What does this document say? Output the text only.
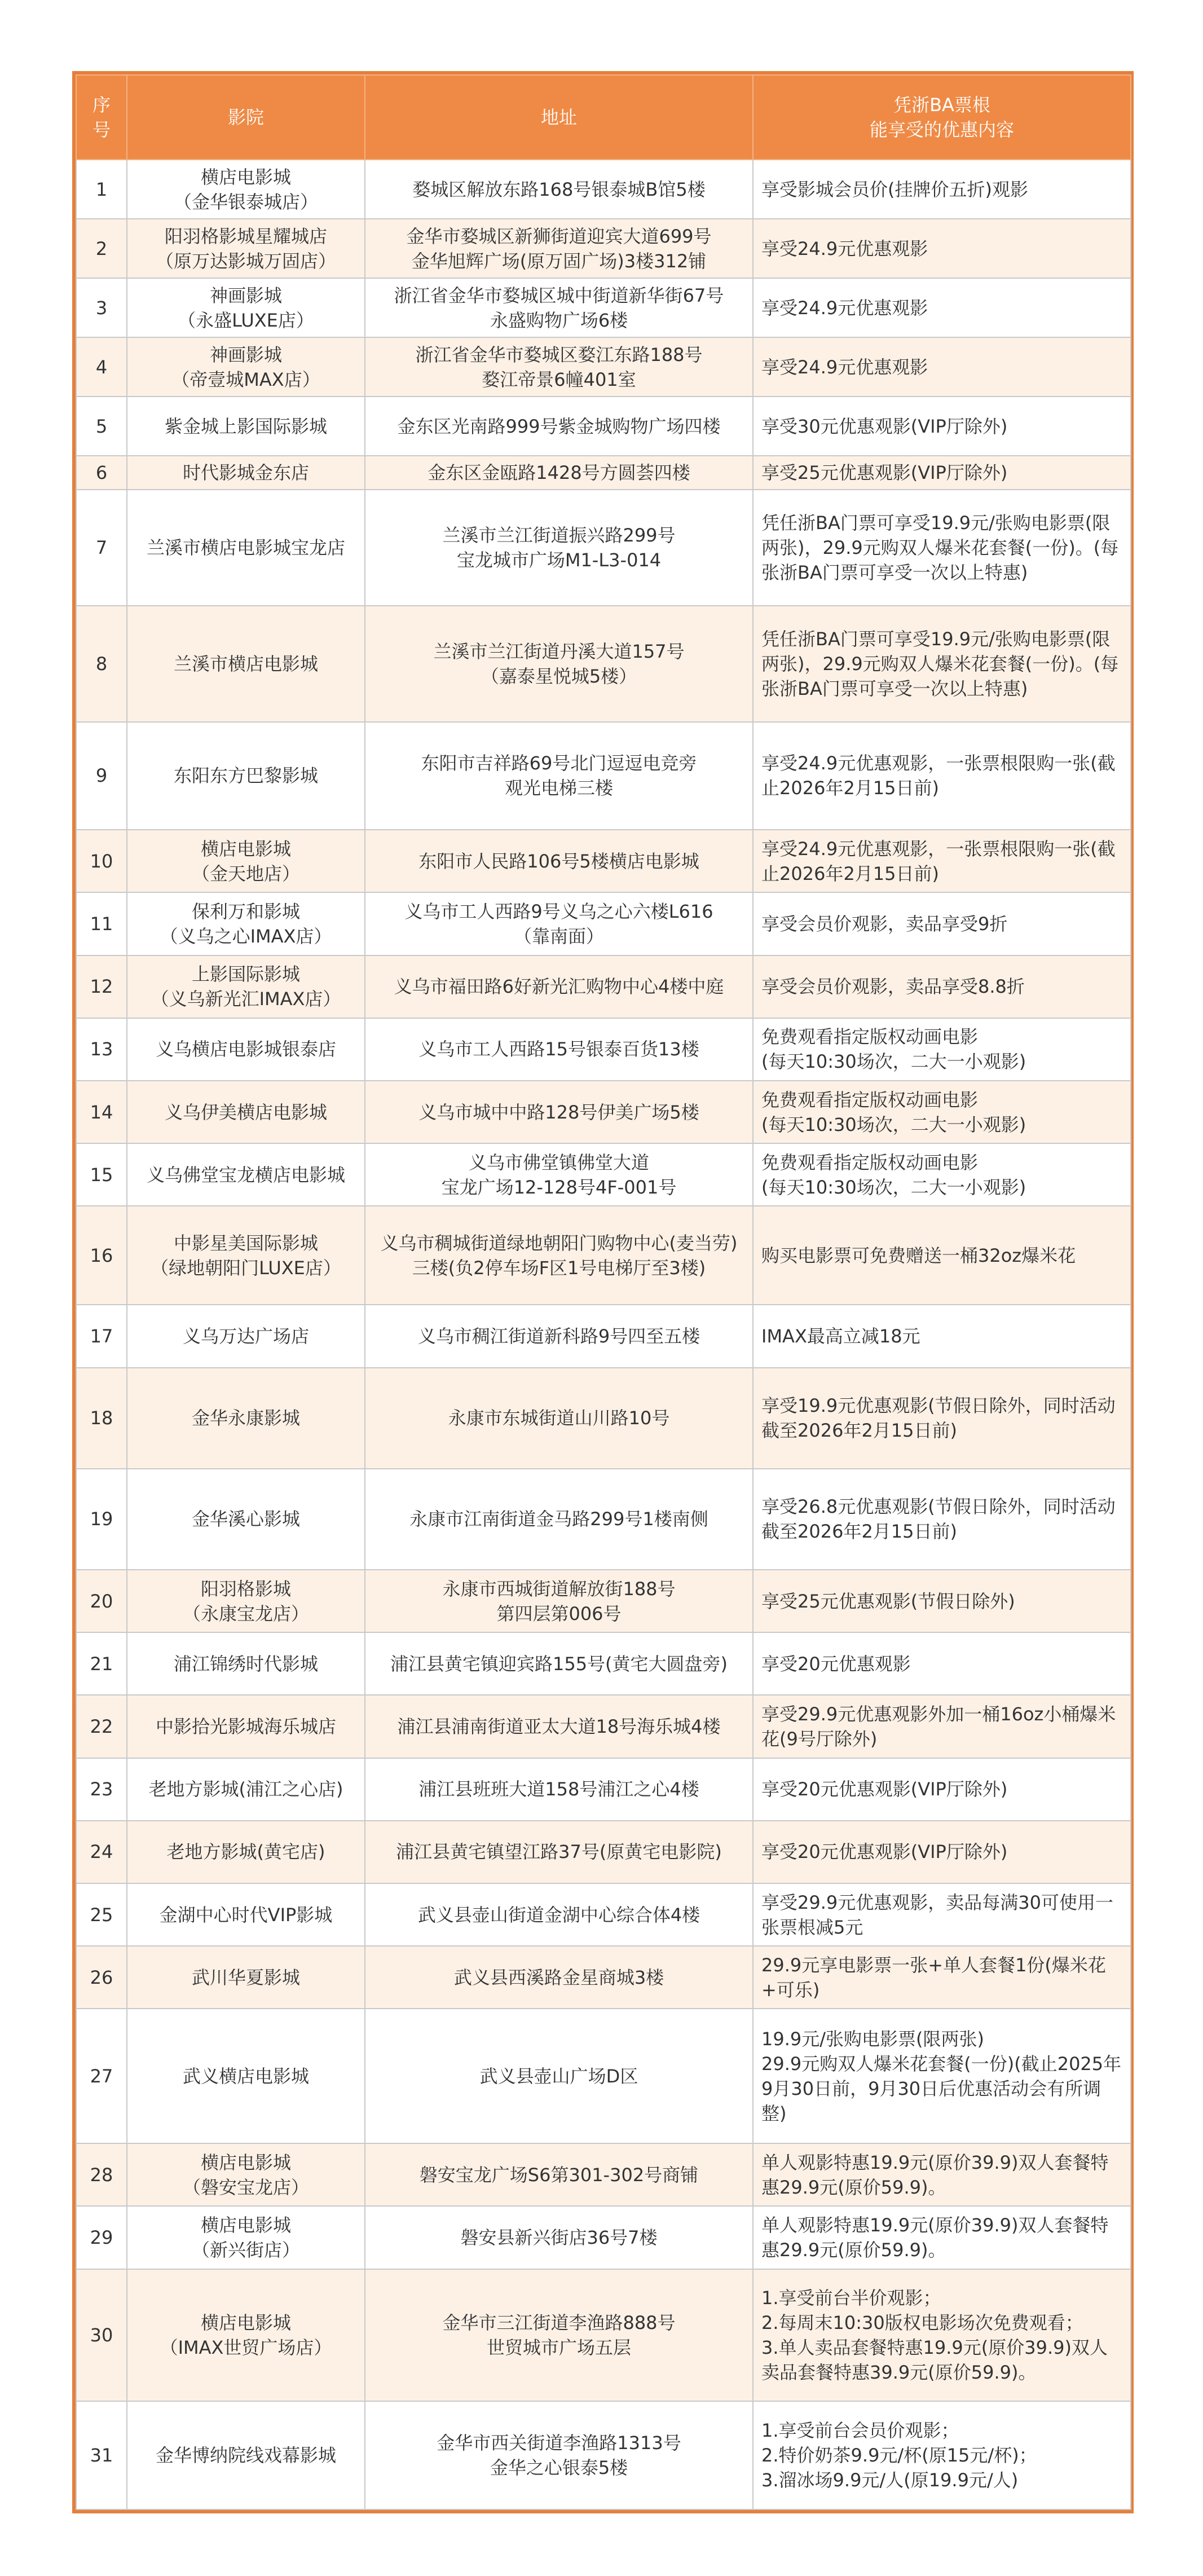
序
号	影院	地址	凭浙BA票根
能享受的优惠内容

1	横店电影城
（金华银泰城店）	婺城区解放东路168号银泰城B馆5楼	享受影城会员价(挂牌价五折)观影

2	阳羽格影城星耀城店
（原万达影城万固店）	金华市婺城区新狮街道迎宾大道699号
金华旭辉广场(原万固广场)3楼312铺	享受24.9元优惠观影

3	神画影城
（永盛LUXE店）	浙江省金华市婺城区城中街道新华街67号
永盛购物广场6楼	享受24.9元优惠观影

4	神画影城
（帝壹城MAX店）	浙江省金华市婺城区婺江东路188号
婺江帝景6幢401室	享受24.9元优惠观影

5	紫金城上影国际影城	金东区光南路999号紫金城购物广场四楼	享受30元优惠观影(VIP厅除外)

6	时代影城金东店	金东区金瓯路1428号方圆荟四楼	享受25元优惠观影(VIP厅除外)

7	兰溪市横店电影城宝龙店	兰溪市兰江街道振兴路299号
宝龙城市广场M1-L3-014	凭任浙BA门票可享受19.9元/张购电影票(限两张)，29.9元购双人爆米花套餐(一份)。(每张浙BA门票可享受一次以上特惠)

8	兰溪市横店电影城	兰溪市兰江街道丹溪大道157号
（嘉泰星悦城5楼）	凭任浙BA门票可享受19.9元/张购电影票(限两张)，29.9元购双人爆米花套餐(一份)。(每张浙BA门票可享受一次以上特惠)

9	东阳东方巴黎影城	东阳市吉祥路69号北门逗逗电竞旁
观光电梯三楼	享受24.9元优惠观影，一张票根限购一张(截止2026年2月15日前)

10	横店电影城
（金天地店）	东阳市人民路106号5楼横店电影城	享受24.9元优惠观影，一张票根限购一张(截止2026年2月15日前)

11	保利万和影城
（义乌之心IMAX店）	义乌市工人西路9号义乌之心六楼L616
（靠南面）	享受会员价观影，卖品享受9折

12	上影国际影城
（义乌新光汇IMAX店）	义乌市福田路6好新光汇购物中心4楼中庭	享受会员价观影，卖品享受8.8折

13	义乌横店电影城银泰店	义乌市工人西路15号银泰百货13楼	免费观看指定版权动画电影
(每天10:30场次，二大一小观影)

14	义乌伊美横店电影城	义乌市城中中路128号伊美广场5楼	免费观看指定版权动画电影
(每天10:30场次，二大一小观影)

15	义乌佛堂宝龙横店电影城	义乌市佛堂镇佛堂大道
宝龙广场12-128号4F-001号	免费观看指定版权动画电影
(每天10:30场次，二大一小观影)

16	中影星美国际影城
（绿地朝阳门LUXE店）	义乌市稠城街道绿地朝阳门购物中心(麦当劳)三楼(负2停车场F区1号电梯厅至3楼)	购买电影票可免费赠送一桶32oz爆米花

17	义乌万达广场店	义乌市稠江街道新科路9号四至五楼	IMAX最高立减18元

18	金华永康影城	永康市东城街道山川路10号	享受19.9元优惠观影(节假日除外，同时活动截至2026年2月15日前)

19	金华溪心影城	永康市江南街道金马路299号1楼南侧	享受26.8元优惠观影(节假日除外，同时活动截至2026年2月15日前)

20	阳羽格影城
（永康宝龙店）	永康市西城街道解放街188号
第四层第006号	享受25元优惠观影(节假日除外)

21	浦江锦绣时代影城	浦江县黄宅镇迎宾路155号(黄宅大圆盘旁)	享受20元优惠观影

22	中影拾光影城海乐城店	浦江县浦南街道亚太大道18号海乐城4楼	享受29.9元优惠观影外加一桶16oz小桶爆米花(9号厅除外)

23	老地方影城(浦江之心店)	浦江县班班大道158号浦江之心4楼	享受20元优惠观影(VIP厅除外)

24	老地方影城(黄宅店)	浦江县黄宅镇望江路37号(原黄宅电影院)	享受20元优惠观影(VIP厅除外)

25	金湖中心时代VIP影城	武义县壶山街道金湖中心综合体4楼	享受29.9元优惠观影，卖品每满30可使用一张票根减5元

26	武川华夏影城	武义县西溪路金星商城3楼	29.9元享电影票一张+单人套餐1份(爆米花+可乐)

27	武义横店电影城	武义县壶山广场D区	19.9元/张购电影票(限两张)
29.9元购双人爆米花套餐(一份)(截止2025年9月30日前，9月30日后优惠活动会有所调整)

28	横店电影城
（磐安宝龙店）	磐安宝龙广场S6第301-302号商铺	单人观影特惠19.9元(原价39.9)双人套餐特惠29.9元(原价59.9)。

29	横店电影城
（新兴街店）	磐安县新兴街店36号7楼	单人观影特惠19.9元(原价39.9)双人套餐特惠29.9元(原价59.9)。

30	横店电影城
（IMAX世贸广场店）	金华市三江街道李渔路888号
世贸城市广场五层	1.享受前台半价观影；
2.每周末10:30版权电影场次免费观看；
3.单人卖品套餐特惠19.9元(原价39.9)双人卖品套餐特惠39.9元(原价59.9)。

31	金华博纳院线戏幕影城	金华市西关街道李渔路1313号
金华之心银泰5楼	1.享受前台会员价观影；
2.特价奶茶9.9元/杯(原15元/杯)；
3.溜冰场9.9元/人(原19.9元/人)
